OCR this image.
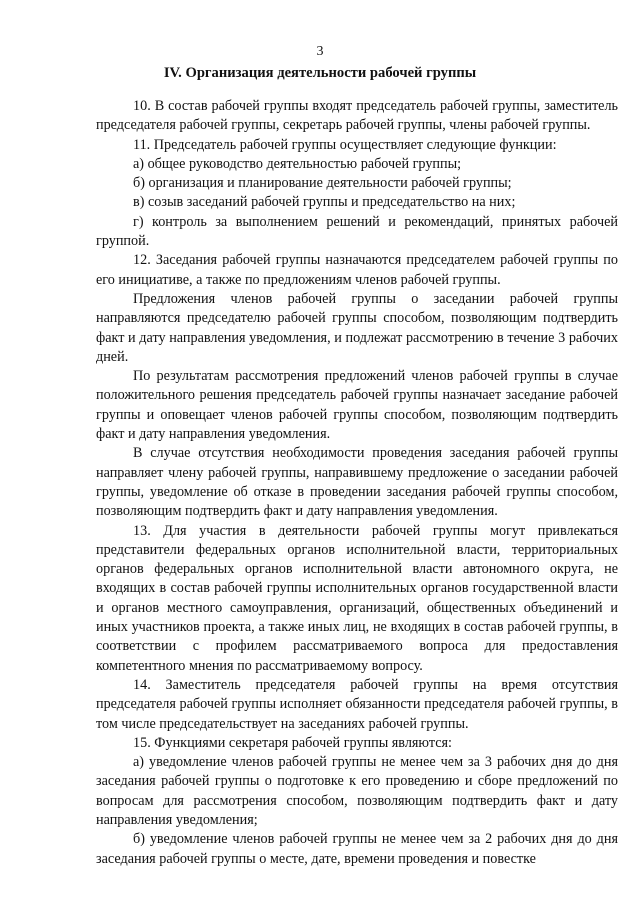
3
IV. Организация деятельности рабочей группы

10. В состав рабочей группы входят председатель рабочей группы, заместитель председателя рабочей группы, секретарь рабочей группы, члены рабочей группы.

11. Председатель рабочей группы осуществляет следующие функции:

а) общее руководство деятельностью рабочей группы;

б) организация и планирование деятельности рабочей группы;

в) созыв заседаний рабочей группы и председательство на них;

г) контроль за выполнением решений и рекомендаций, принятых рабочей группой.

12. Заседания рабочей группы назначаются председателем рабочей группы по его инициативе, а также по предложениям членов рабочей группы.

Предложения членов рабочей группы о заседании рабочей группы направляются председателю рабочей группы способом, позволяющим подтвердить факт и дату направления уведомления, и подлежат рассмотрению в течение 3 рабочих дней.

По результатам рассмотрения предложений членов рабочей группы в случае положительного решения председатель рабочей группы назначает заседание рабочей группы и оповещает членов рабочей группы способом, позволяющим подтвердить факт и дату направления уведомления.

В случае отсутствия необходимости проведения заседания рабочей группы направляет члену рабочей группы, направившему предложение о заседании рабочей группы, уведомление об отказе в проведении заседания рабочей группы способом, позволяющим подтвердить факт и дату направления уведомления.

13. Для участия в деятельности рабочей группы могут привлекаться представители федеральных органов исполнительной власти, территориальных органов федеральных органов исполнительной власти автономного округа, не входящих в состав рабочей группы исполнительных органов государственной власти и органов местного самоуправления, организаций, общественных объединений и иных участников проекта, а также иных лиц, не входящих в состав рабочей группы, в соответствии с профилем рассматриваемого вопроса для предоставления компетентного мнения по рассматриваемому вопросу.

14. Заместитель председателя рабочей группы на время отсутствия председателя рабочей группы исполняет обязанности председателя рабочей группы, в том числе председательствует на заседаниях рабочей группы.

15. Функциями секретаря рабочей группы являются:

а) уведомление членов рабочей группы не менее чем за 3 рабочих дня до дня заседания рабочей группы о подготовке к его проведению и сборе предложений по вопросам для рассмотрения способом, позволяющим подтвердить факт и дату направления уведомления;

б) уведомление членов рабочей группы не менее чем за 2 рабочих дня до дня заседания рабочей группы о месте, дате, времени проведения и повестке
